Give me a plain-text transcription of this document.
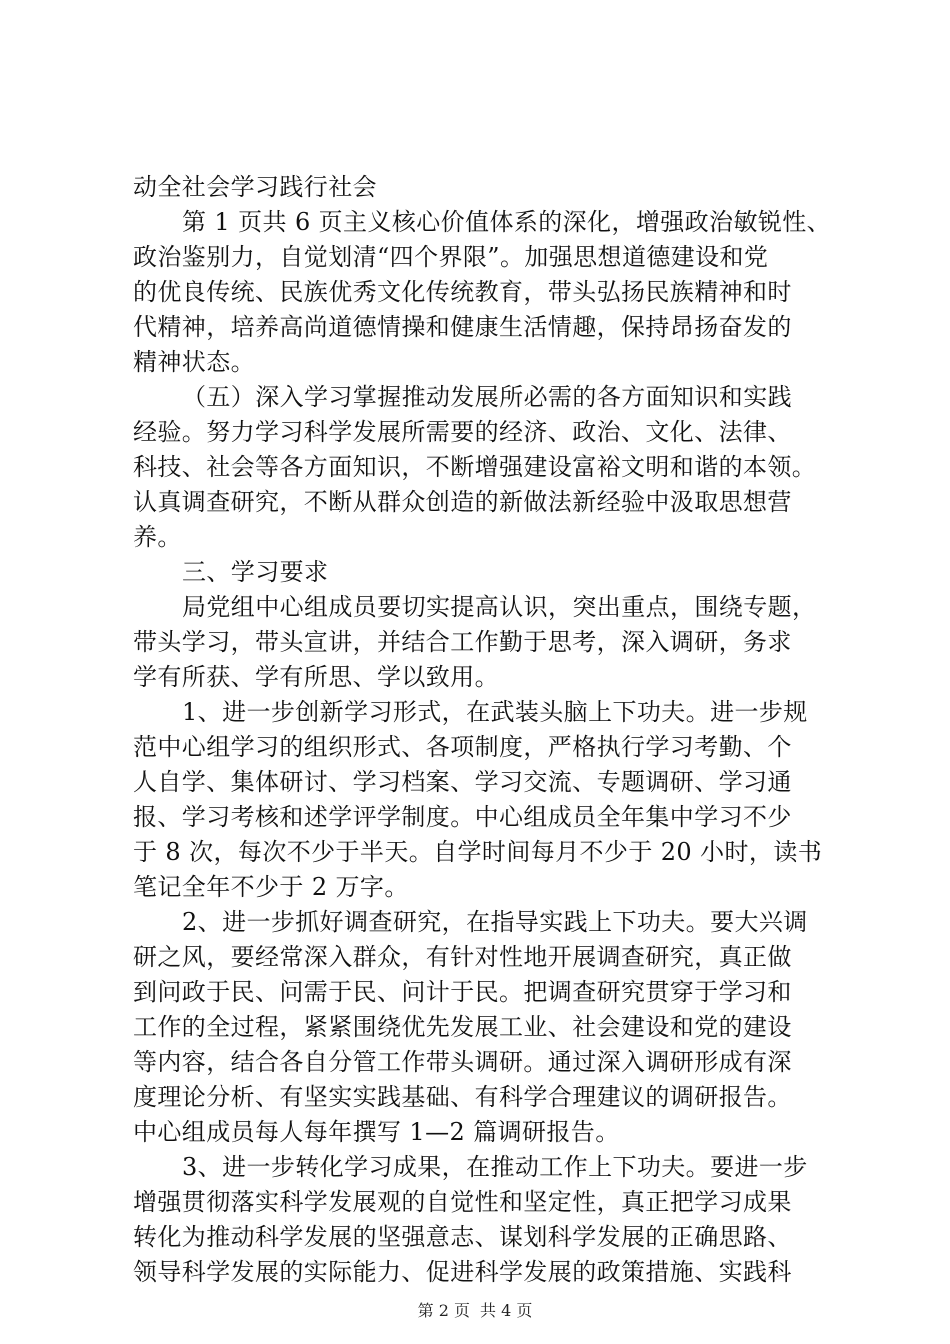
动全社会学习践行社会
第 1 页共 6 页主义核心价值体系的深化，增强政治敏锐性、
政治鉴别力，自觉划清“四个界限”。加强思想道德建设和党
的优良传统、民族优秀文化传统教育，带头弘扬民族精神和时
代精神，培养高尚道德情操和健康生活情趣，保持昂扬奋发的
精神状态。
（五）深入学习掌握推动发展所必需的各方面知识和实践
经验。努力学习科学发展所需要的经济、政治、文化、法律、
科技、社会等各方面知识，不断增强建设富裕文明和谐的本领。
认真调查研究，不断从群众创造的新做法新经验中汲取思想营
养。
三、学习要求
局党组中心组成员要切实提高认识，突出重点，围绕专题，
带头学习，带头宣讲，并结合工作勤于思考，深入调研，务求
学有所获、学有所思、学以致用。
1、进一步创新学习形式，在武装头脑上下功夫。进一步规
范中心组学习的组织形式、各项制度，严格执行学习考勤、个
人自学、集体研讨、学习档案、学习交流、专题调研、学习通
报、学习考核和述学评学制度。中心组成员全年集中学习不少
于 8 次，每次不少于半天。自学时间每月不少于 20 小时，读书
笔记全年不少于 2 万字。
2、进一步抓好调查研究，在指导实践上下功夫。要大兴调
研之风，要经常深入群众，有针对性地开展调查研究，真正做
到问政于民、问需于民、问计于民。把调查研究贯穿于学习和
工作的全过程，紧紧围绕优先发展工业、社会建设和党的建设
等内容，结合各自分管工作带头调研。通过深入调研形成有深
度理论分析、有坚实实践基础、有科学合理建议的调研报告。
中心组成员每人每年撰写 1—2 篇调研报告。
3、进一步转化学习成果，在推动工作上下功夫。要进一步
增强贯彻落实科学发展观的自觉性和坚定性，真正把学习成果
转化为推动科学发展的坚强意志、谋划科学发展的正确思路、
领导科学发展的实际能力、促进科学发展的政策措施、实践科
第 2 页 共 4 页
